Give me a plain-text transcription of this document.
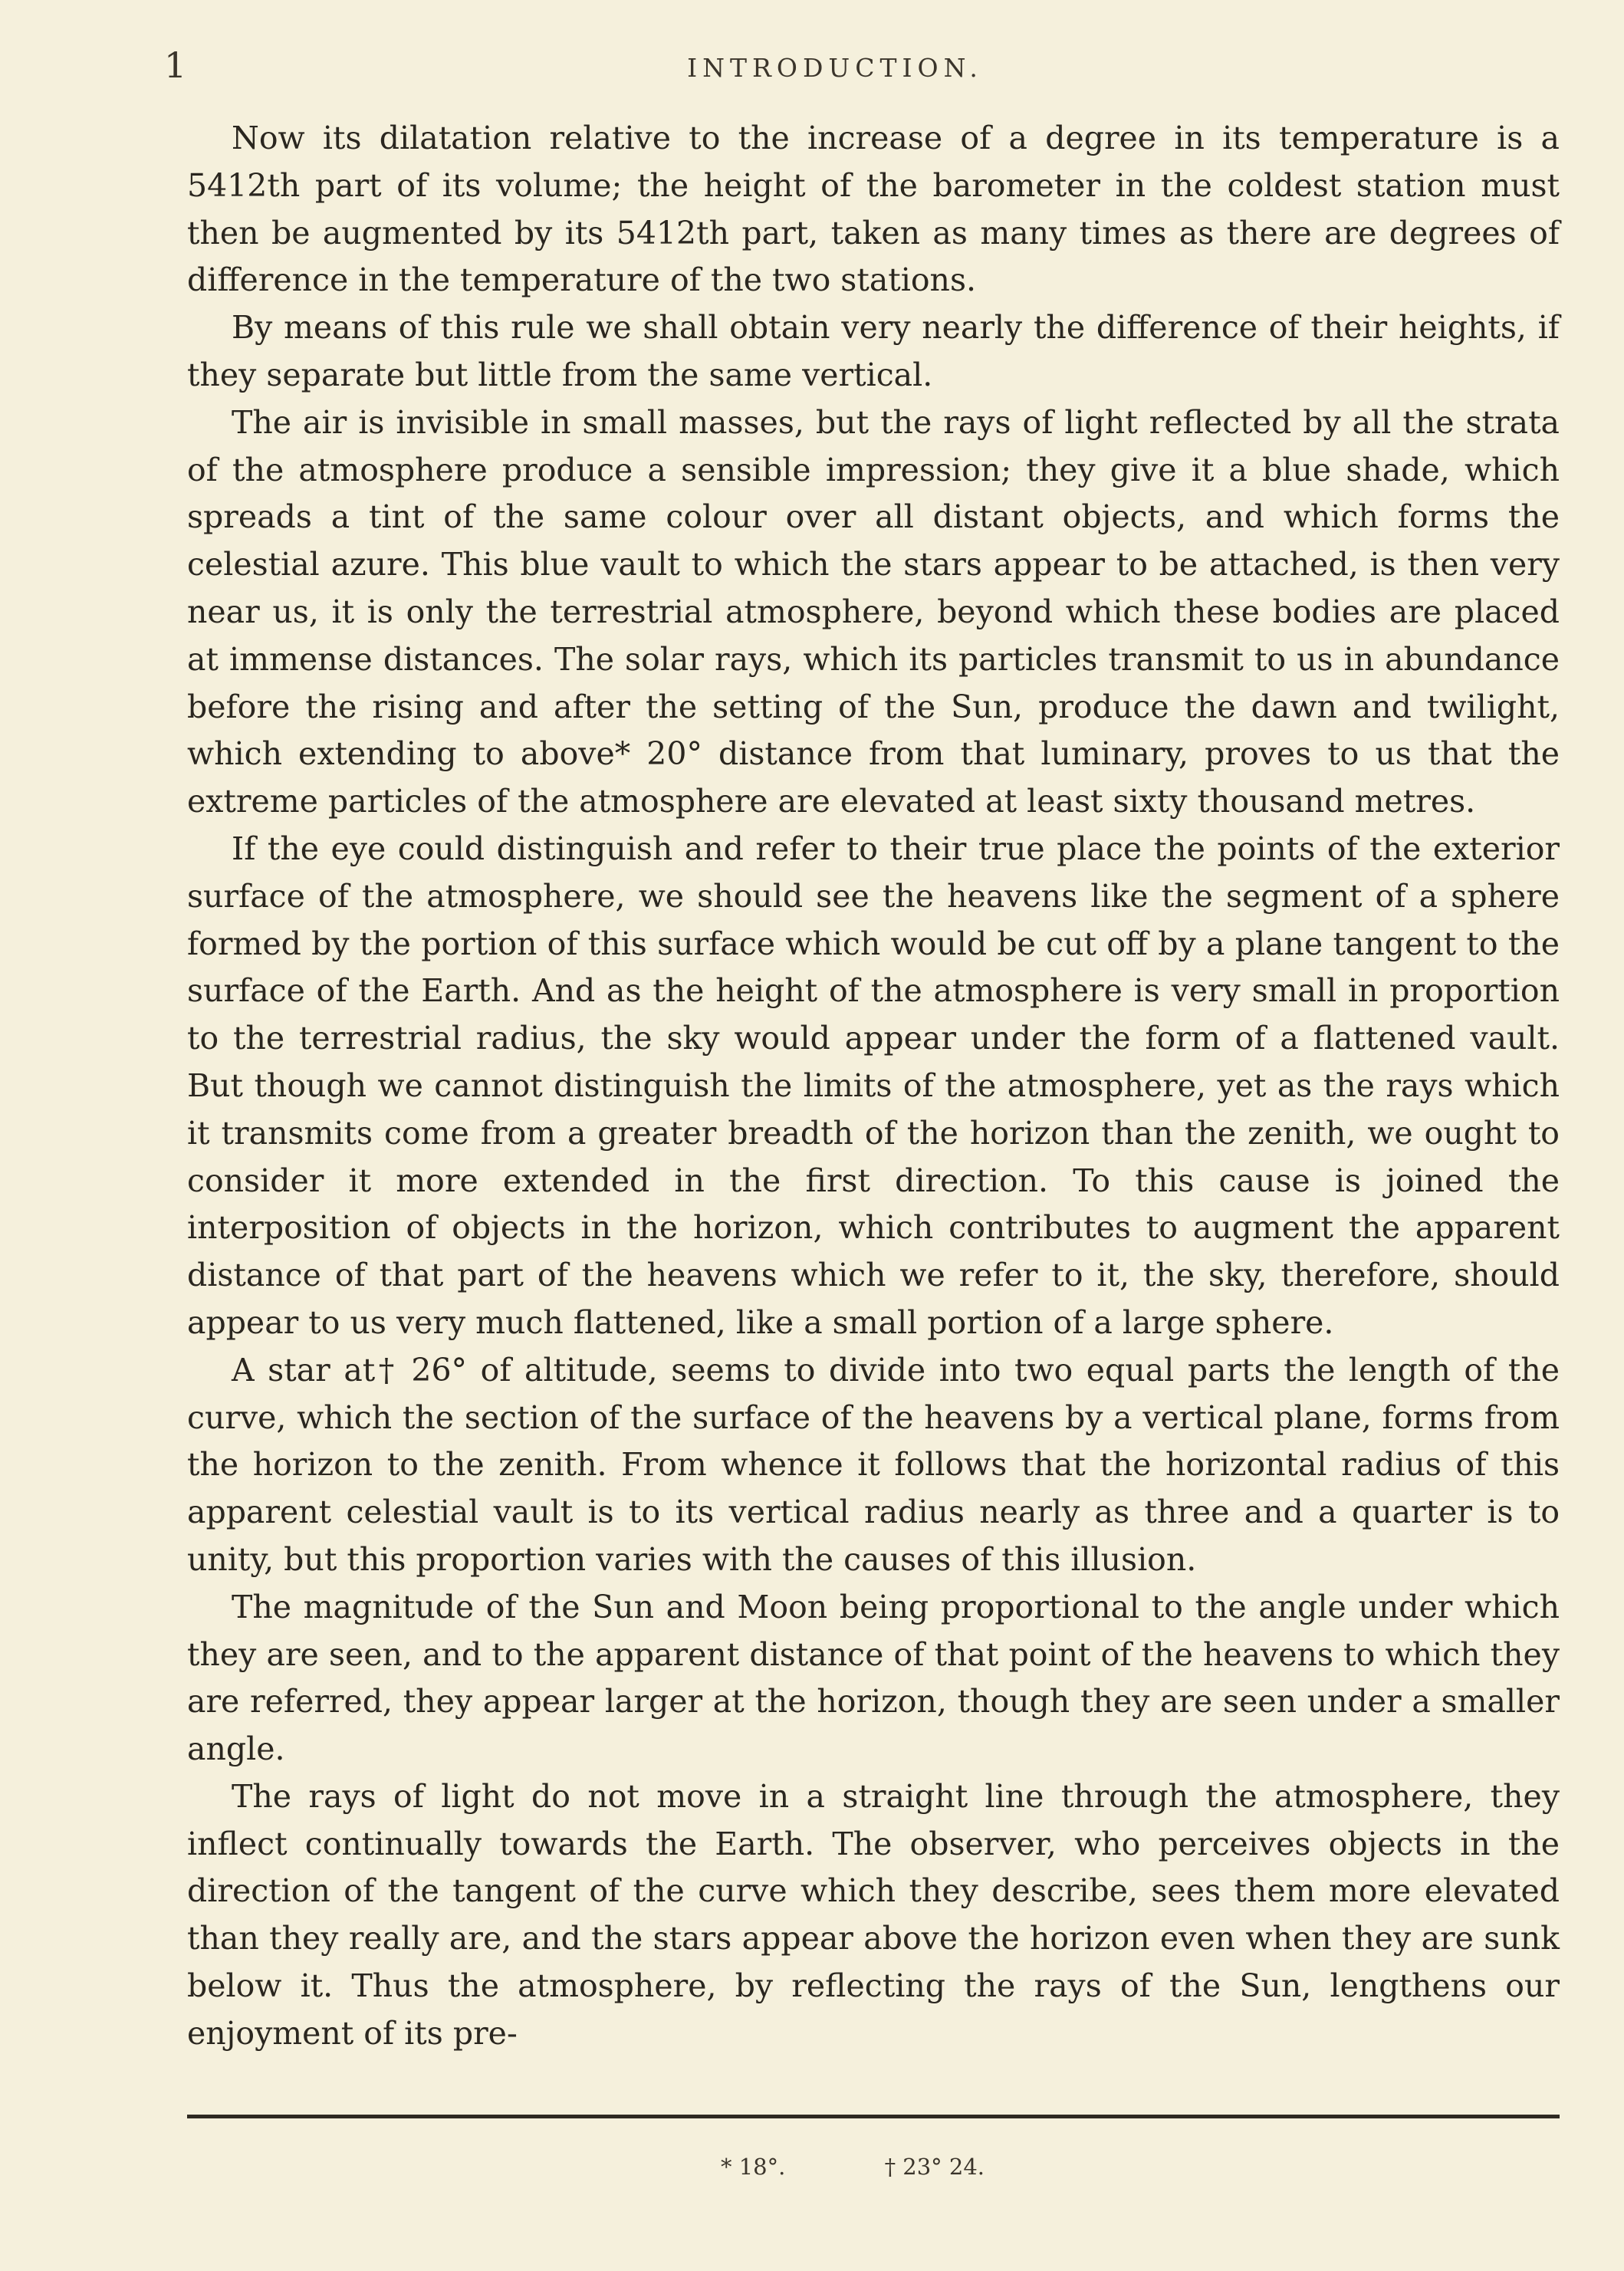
1	INTRODUCTION.

Now its dilatation relative to the increase of a degree in its temperature is a 5412th part of its volume; the height of the barometer in the coldest station must then be augmented by its 5412th part, taken as many times as there are degrees of difference in the temperature of the two stations.

By means of this rule we shall obtain very nearly the difference of their heights, if they separate but little from the same vertical.

The air is invisible in small masses, but the rays of light reflected by all the strata of the atmosphere produce a sensible impression; they give it a blue shade, which spreads a tint of the same colour over all distant objects, and which forms the celestial azure. This blue vault to which the stars appear to be attached, is then very near us, it is only the terrestrial atmosphere, beyond which these bodies are placed at immense distances. The solar rays, which its particles transmit to us in abundance before the rising and after the setting of the Sun, produce the dawn and twilight, which extending to above* 20° distance from that luminary, proves to us that the extreme particles of the atmosphere are elevated at least sixty thousand metres.

If the eye could distinguish and refer to their true place the points of the exterior surface of the atmosphere, we should see the heavens like the segment of a sphere formed by the portion of this surface which would be cut off by a plane tangent to the surface of the Earth. And as the height of the atmosphere is very small in proportion to the terrestrial radius, the sky would appear under the form of a flattened vault. But though we cannot distinguish the limits of the atmosphere, yet as the rays which it transmits come from a greater breadth of the horizon than the zenith, we ought to consider it more extended in the first direction. To this cause is joined the interposition of objects in the horizon, which contributes to augment the apparent distance of that part of the heavens which we refer to it, the sky, therefore, should appear to us very much flattened, like a small portion of a large sphere.

A star at† 26° of altitude, seems to divide into two equal parts the length of the curve, which the section of the surface of the heavens by a vertical plane, forms from the horizon to the zenith. From whence it follows that the horizontal radius of this apparent celestial vault is to its vertical radius nearly as three and a quarter is to unity, but this proportion varies with the causes of this illusion.

The magnitude of the Sun and Moon being proportional to the angle under which they are seen, and to the apparent distance of that point of the heavens to which they are referred, they appear larger at the horizon, though they are seen under a smaller angle.

The rays of light do not move in a straight line through the atmosphere, they inflect continually towards the Earth. The observer, who perceives objects in the direction of the tangent of the curve which they describe, sees them more elevated than they really are, and the stars appear above the horizon even when they are sunk below it. Thus the atmosphere, by reflecting the rays of the Sun, lengthens our enjoyment of its pre-

* 18°.	† 23° 24.
